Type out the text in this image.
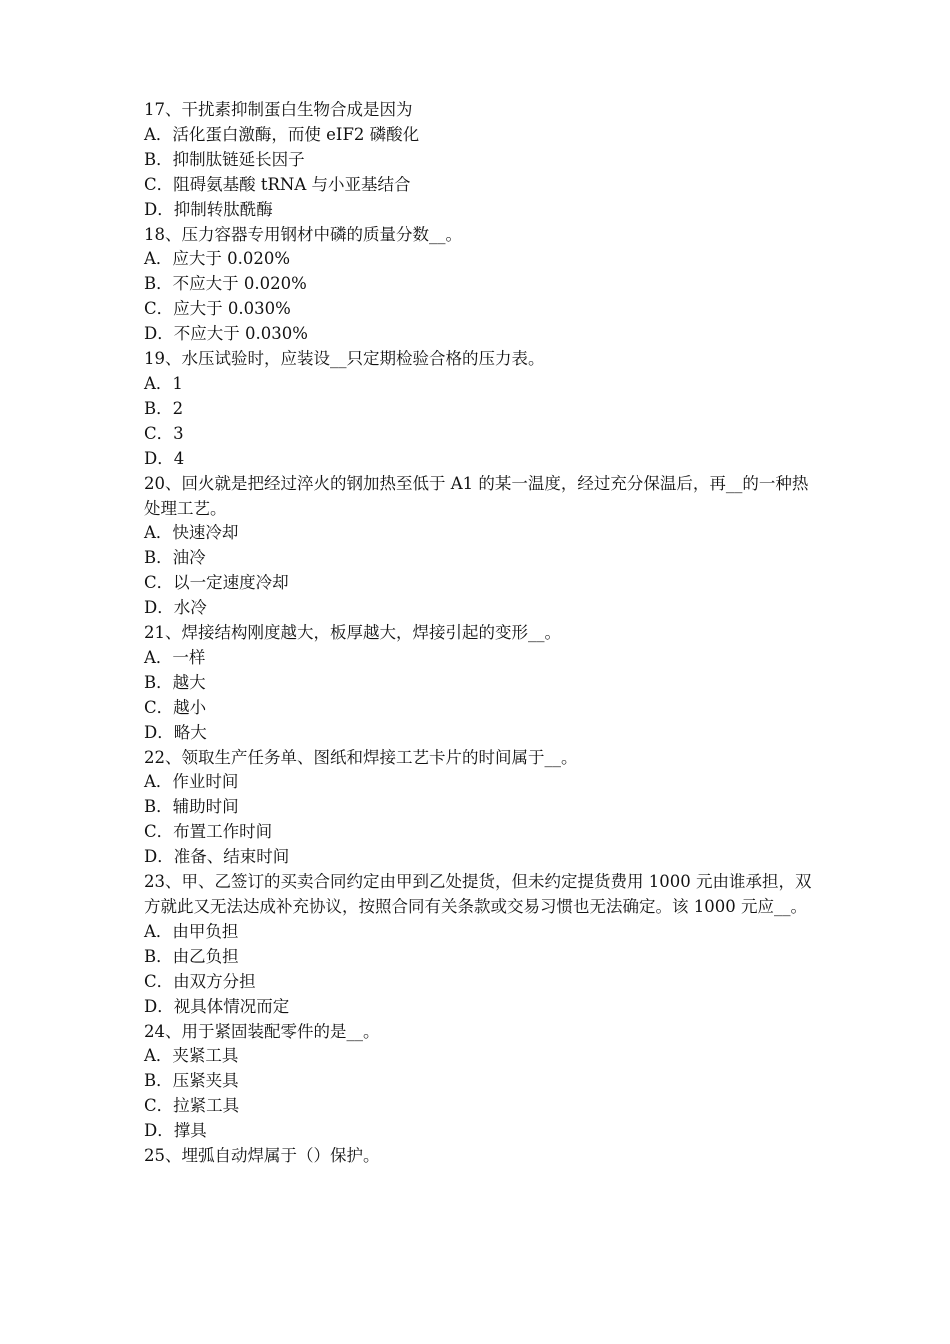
17、干扰素抑制蛋白生物合成是因为

A．活化蛋白激酶，而使 eIF2 磷酸化

B．抑制肽链延长因子

C．阻碍氨基酸 tRNA 与小亚基结合

D．抑制转肽酰酶

18、压力容器专用钢材中磷的质量分数__。

A．应大于 0.020%

B．不应大于 0.020%

C．应大于 0.030%

D．不应大于 0.030%

19、水压试验时，应装设__只定期检验合格的压力表。

A．1

B．2

C．3

D．4

20、回火就是把经过淬火的钢加热至低于 A1 的某一温度，经过充分保温后，再__的一种热处理工艺。

A．快速冷却

B．油冷

C．以一定速度冷却

D．水冷

21、焊接结构刚度越大，板厚越大，焊接引起的变形__。

A．一样

B．越大

C．越小

D．略大

22、领取生产任务单、图纸和焊接工艺卡片的时间属于__。

A．作业时间

B．辅助时间

C．布置工作时间

D．准备、结束时间

23、甲、乙签订的买卖合同约定由甲到乙处提货，但未约定提货费用 1000 元由谁承担，双方就此又无法达成补充协议，按照合同有关条款或交易习惯也无法确定。该 1000 元应__。

A．由甲负担

B．由乙负担

C．由双方分担

D．视具体情况而定

24、用于紧固装配零件的是__。

A．夹紧工具

B．压紧夹具

C．拉紧工具

D．撑具

25、埋弧自动焊属于（）保护。
